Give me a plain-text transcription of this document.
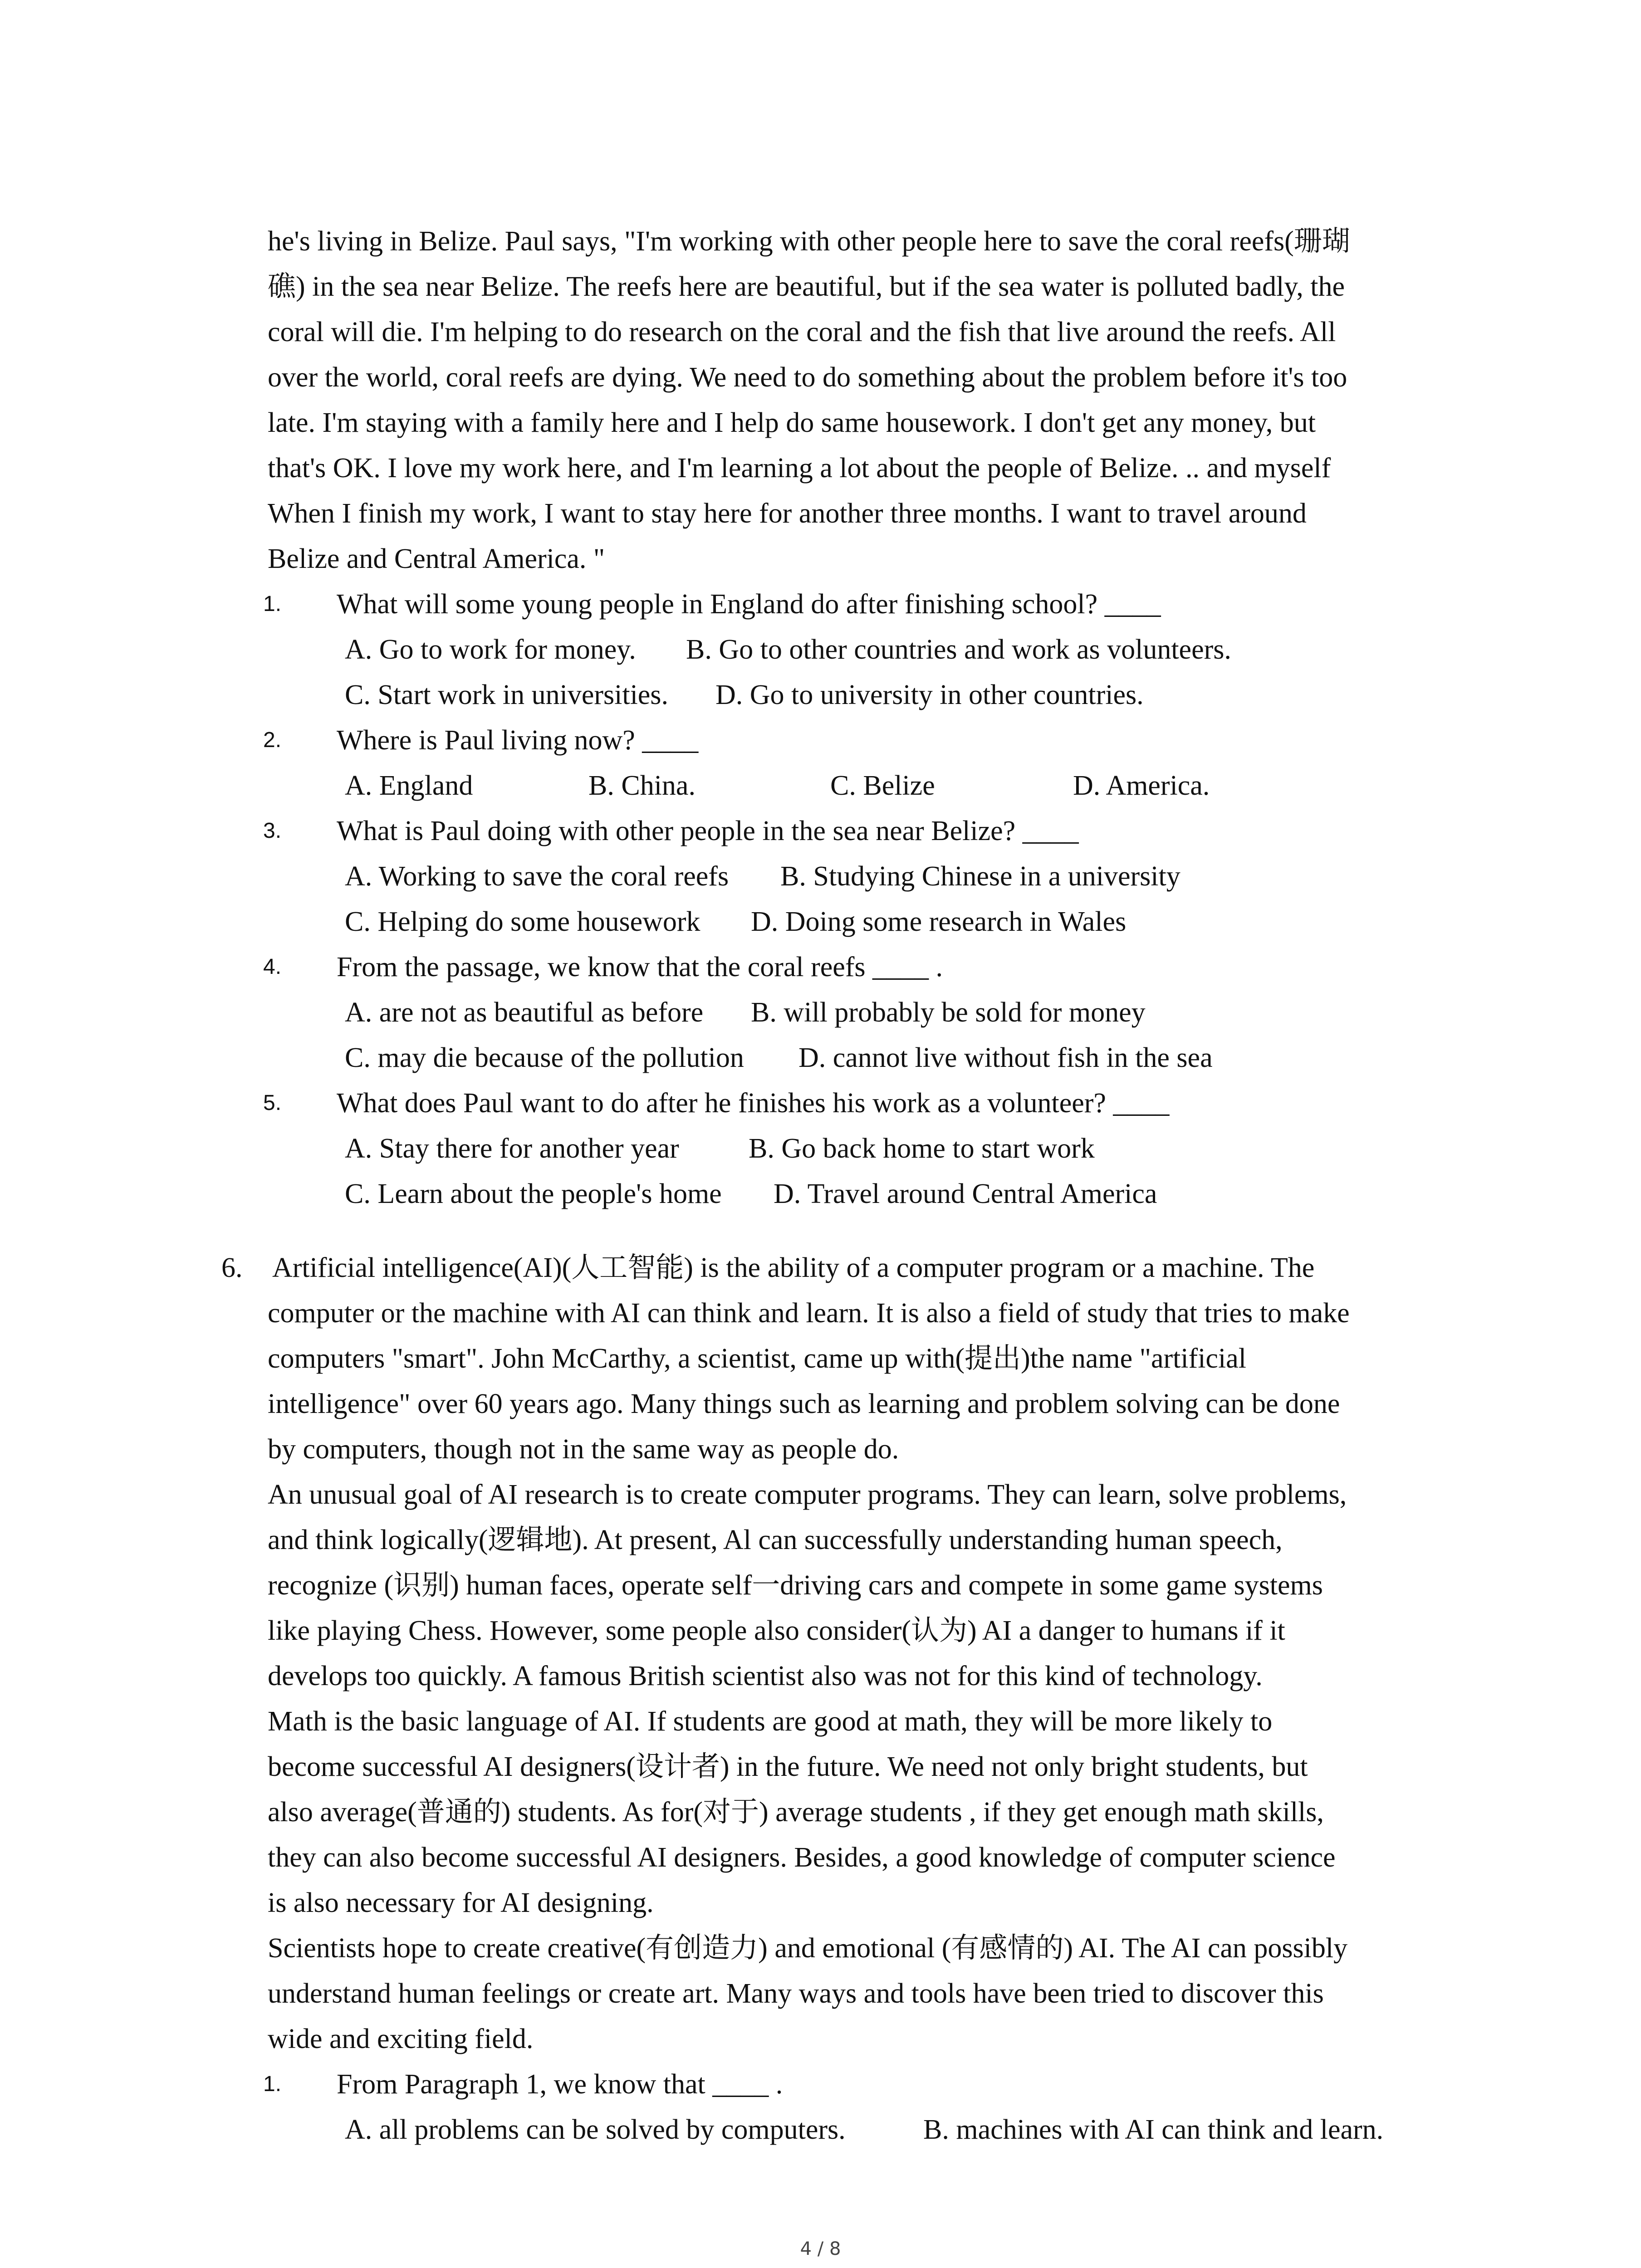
he's living in Belize. Paul says, "I'm working with other people here to save the coral reefs(珊瑚
礁) in the sea near Belize. The reefs here are beautiful, but if the sea water is polluted badly, the
coral will die. I'm helping to do research on the coral and the fish that live around the reefs. All
over the world, coral reefs are dying. We need to do something about the problem before it's too
late. I'm staying with a family here and I help do same housework. I don't get any money, but
that's OK. I love my work here, and I'm learning a lot about the people of Belize. .. and myself
When I finish my work, I want to stay here for another three months. I want to travel around
Belize and Central America. "
1.	What will some young people in England do after finishing school? ____
A. Go to work for money. B. Go to other countries and work as volunteers.
C. Start work in universities. D. Go to university in other countries.
2.	Where is Paul living now? ____
A. England	B. China.	C. Belize	D. America.
3.	What is Paul doing with other people in the sea near Belize? ____
A. Working to save the coral reefs B. Studying Chinese in a university
C. Helping do some housework D. Doing some research in Wales
4.	From the passage, we know that the coral reefs ____ .
A. are not as beautiful as before B. will probably be sold for money
C. may die because of the pollution D. cannot live without fish in the sea
5.	What does Paul want to do after he finishes his work as a volunteer? ____
A. Stay there for another year B. Go back home to start work
C. Learn about the people's home D. Travel around Central America
6. Artificial intelligence(AI)(人工智能) is the ability of a computer program or a machine. The
computer or the machine with AI can think and learn. It is also a field of study that tries to make
computers "smart". John McCarthy, a scientist, came up with(提出)the name "artificial
intelligence" over 60 years ago. Many things such as learning and problem solving can be done
by computers, though not in the same way as people do.
An unusual goal of AI research is to create computer programs. They can learn, solve problems,
and think logically(逻辑地). At present, Al can successfully understanding human speech,
recognize (识别) human faces, operate self一driving cars and compete in some game systems
like playing Chess. However, some people also consider(认为) AI a danger to humans if it
develops too quickly. A famous British scientist also was not for this kind of technology.
Math is the basic language of AI. If students are good at math, they will be more likely to
become successful AI designers(设计者) in the future. We need not only bright students, but
also average(普通的) students. As for(对于) average students , if they get enough math skills,
they can also become successful AI designers. Besides, a good knowledge of computer science
is also necessary for AI designing.
Scientists hope to create creative(有创造力) and emotional (有感情的) AI. The AI can possibly
understand human feelings or create art. Many ways and tools have been tried to discover this
wide and exciting field.
1.	From Paragraph 1, we know that ____ .
A. all problems can be solved by computers.	B. machines with AI can think and learn.
4 / 8
